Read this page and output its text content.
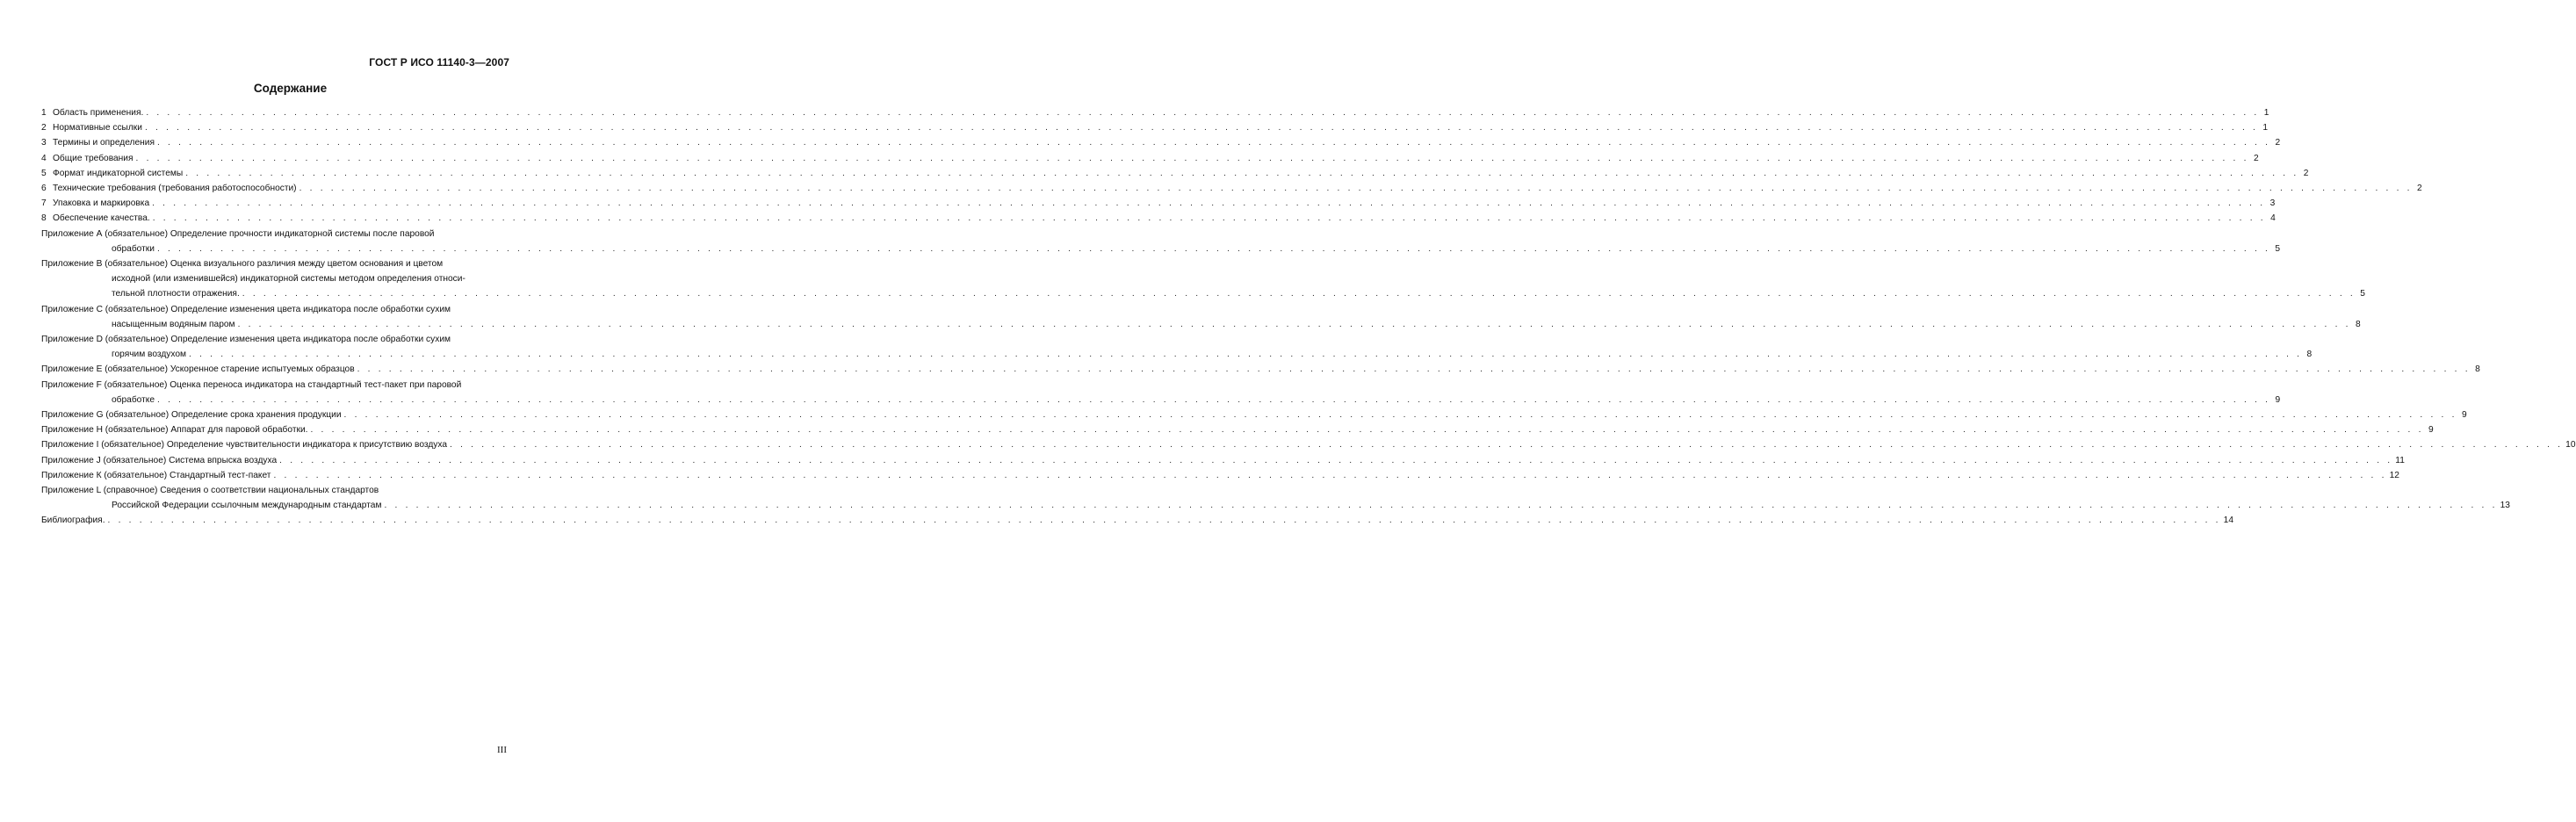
ГОСТ Р ИСО 11140-3—2007
Содержание
1 Область применения. . . . . . . . . . . . . . . . . . . . . . . . . . . . . . . . . . . . . . . . . . . . . . . . . . . . . . . . . . . . . . . . . . . . . . . . . . . . . . . . . . . . . . . . . . . . . . . . . . . . . . . . . . . . . . . . . . . . . . . . . . . . . . . . . . . . . . . . . . . . . . . . . . . . . . . . . . . . . . . . . . . . . . . . . . . . . . . . . . . . . . . . . . . . . . . . . . . . . . . . . 1
2 Нормативные ссылки . . . . . . . . . . . . . . . . . . . . . . . . . . . . . . . . . . . . . . . . . . . . . . . . . . . . . . . . . . . . . . . . . . . . . . . . . . . . . . . . . . . . . . . . . . . . . . . . . . . . . . . . . . . . . . . . . . . . . . . . . . . . . . . . . . . . . . . . . . . . . . . . . . . . . . . . . . . . . . . . . . . . . . . . . . . . . . . . . . . . . . . . . . . . . . . . . . . . . . . . 1
3 Термины и определения . . . . . . . . . . . . . . . . . . . . . . . . . . . . . . . . . . . . . . . . . . . . . . . . . . . . . . . . . . . . . . . . . . . . . . . . . . . . . . . . . . . . . . . . . . . . . . . . . . . . . . . . . . . . . . . . . . . . . . . . . . . . . . . . . . . . . . . . . . . . . . . . . . . . . . . . . . . . . . . . . . . . . . . . . . . . . . . . . . . . . . . . . . . . . . . . . . . . . . . . 2
4 Общие требования . . . . . . . . . . . . . . . . . . . . . . . . . . . . . . . . . . . . . . . . . . . . . . . . . . . . . . . . . . . . . . . . . . . . . . . . . . . . . . . . . . . . . . . . . . . . . . . . . . . . . . . . . . . . . . . . . . . . . . . . . . . . . . . . . . . . . . . . . . . . . . . . . . . . . . . . . . . . . . . . . . . . . . . . . . . . . . . . . . . . . . . . . . . . . . . . . . . . . . . . 2
5 Формат индикаторной системы . . . . . . . . . . . . . . . . . . . . . . . . . . . . . . . . . . . . . . . . . . . . . . . . . . . . . . . . . . . . . . . . . . . . . . . . . . . . . . . . . . . . . . . . . . . . . . . . . . . . . . . . . . . . . . . . . . . . . . . . . . . . . . . . . . . . . . . . . . . . . . . . . . . . . . . . . . . . . . . . . . . . . . . . . . . . . . . . . . . . . . . . . . . . . . . . . . . . . . . . 2
6 Технические требования (требования работоспособности) . . . . . . . . . . . . . . . . . . . . . . . . . . . . . . . . . . . . . . . . . . . . . . . . . . . . . . . . . . . . . . . . . . . . . . . . . . . . . . . . . . . . . . . . . . . . . . . . . . . . . . . . . . . . . . . . . . . . . . . . . . . . . . . . . . . . . . . . . . . . . . . . . . . . . . . . . . . . . . . . . . . . . . . . . . . . . . . . . . . . . . . . . . . . . . . . . . . . . . . . 2
7 Упаковка и маркировка . . . . . . . . . . . . . . . . . . . . . . . . . . . . . . . . . . . . . . . . . . . . . . . . . . . . . . . . . . . . . . . . . . . . . . . . . . . . . . . . . . . . . . . . . . . . . . . . . . . . . . . . . . . . . . . . . . . . . . . . . . . . . . . . . . . . . . . . . . . . . . . . . . . . . . . . . . . . . . . . . . . . . . . . . . . . . . . . . . . . . . . . . . . . . . . . . . . . . . . . 3
8 Обеспечение качества. . . . . . . . . . . . . . . . . . . . . . . . . . . . . . . . . . . . . . . . . . . . . . . . . . . . . . . . . . . . . . . . . . . . . . . . . . . . . . . . . . . . . . . . . . . . . . . . . . . . . . . . . . . . . . . . . . . . . . . . . . . . . . . . . . . . . . . . . . . . . . . . . . . . . . . . . . . . . . . . . . . . . . . . . . . . . . . . . . . . . . . . . . . . . . . . . . . . . . . . . 4
Приложение А (обязательное) Определение прочности индикаторной системы после паровой
обработки . . . . . . . . . . . . . . . . . . . . . . . . . . . . . . . . . . . . . . . . . . . . . . . . . . . . . . . . . . . . . . . . . . . . . . . . . . . . . . . . . . . . . . . . . . . . . . . . . . . . . . . . . . . . . . . . . . . . . . . . . . . . . . . . . . . . . . . . . . . . . . . . . . . . . . . . . . . . . . . . . . . . . . . . . . . . . . . . . . . . . . . . . . . . . . . . . . . . . . . . 5
Приложение В (обязательное) Оценка визуального различия между цветом основания и цветом
исходной (или изменившейся) индикаторной системы методом определения относи-
тельной плотности отражения. . . . . . . . . . . . . . . . . . . . . . . . . . . . . . . . . . . . . . . . . . . . . . . . . . . . . . . . . . . . . . . . . . . . . . . . . . . . . . . . . . . . . . . . . . . . . . . . . . . . . . . . . . . . . . . . . . . . . . . . . . . . . . . . . . . . . . . . . . . . . . . . . . . . . . . . . . . . . . . . . . . . . . . . . . . . . . . . . . . . . . . . . . . . . . . . . . . . . . . . . 5
Приложение С (обязательное) Определение изменения цвета индикатора после обработки сухим
насыщенным водяным паром . . . . . . . . . . . . . . . . . . . . . . . . . . . . . . . . . . . . . . . . . . . . . . . . . . . . . . . . . . . . . . . . . . . . . . . . . . . . . . . . . . . . . . . . . . . . . . . . . . . . . . . . . . . . . . . . . . . . . . . . . . . . . . . . . . . . . . . . . . . . . . . . . . . . . . . . . . . . . . . . . . . . . . . . . . . . . . . . . . . . . . . . . . . . . . . . . . . . . . . . 8
Приложение D (обязательное) Определение изменения цвета индикатора после обработки сухим
горячим воздухом . . . . . . . . . . . . . . . . . . . . . . . . . . . . . . . . . . . . . . . . . . . . . . . . . . . . . . . . . . . . . . . . . . . . . . . . . . . . . . . . . . . . . . . . . . . . . . . . . . . . . . . . . . . . . . . . . . . . . . . . . . . . . . . . . . . . . . . . . . . . . . . . . . . . . . . . . . . . . . . . . . . . . . . . . . . . . . . . . . . . . . . . . . . . . . . . . . . . . . . . 8
Приложение Е (обязательное) Ускоренное старение испытуемых образцов . . . . . . . . . . . . . . . . . . . . . . . . . . . . . . . . . . . . . . . . . . . . . . . . . . . . . . . . . . . . . . . . . . . . . . . . . . . . . . . . . . . . . . . . . . . . . . . . . . . . . . . . . . . . . . . . . . . . . . . . . . . . . . . . . . . . . . . . . . . . . . . . . . . . . . . . . . . . . . . . . . . . . . . . . . . . . . . . . . . . . . . . . . . . . . . . . . . . . . . . 8
Приложение F (обязательное) Оценка переноса индикатора на стандартный тест-пакет при паровой
обработке . . . . . . . . . . . . . . . . . . . . . . . . . . . . . . . . . . . . . . . . . . . . . . . . . . . . . . . . . . . . . . . . . . . . . . . . . . . . . . . . . . . . . . . . . . . . . . . . . . . . . . . . . . . . . . . . . . . . . . . . . . . . . . . . . . . . . . . . . . . . . . . . . . . . . . . . . . . . . . . . . . . . . . . . . . . . . . . . . . . . . . . . . . . . . . . . . . . . . . . . 9
Приложение G (обязательное) Определение срока хранения продукции . . . . . . . . . . . . . . . . . . . . . . . . . . . . . . . . . . . . . . . . . . . . . . . . . . . . . . . . . . . . . . . . . . . . . . . . . . . . . . . . . . . . . . . . . . . . . . . . . . . . . . . . . . . . . . . . . . . . . . . . . . . . . . . . . . . . . . . . . . . . . . . . . . . . . . . . . . . . . . . . . . . . . . . . . . . . . . . . . . . . . . . . . . . . . . . . . . . . . . . . 9
Приложение Н (обязательное) Аппарат для паровой обработки. . . . . . . . . . . . . . . . . . . . . . . . . . . . . . . . . . . . . . . . . . . . . . . . . . . . . . . . . . . . . . . . . . . . . . . . . . . . . . . . . . . . . . . . . . . . . . . . . . . . . . . . . . . . . . . . . . . . . . . . . . . . . . . . . . . . . . . . . . . . . . . . . . . . . . . . . . . . . . . . . . . . . . . . . . . . . . . . . . . . . . . . . . . . . . . . . . . . . . . . . 9
Приложение I (обязательное) Определение чувствительности индикатора к присутствию воздуха . . . . . . . . . . . . . . . . . . . . . . . . . . . . . . . . . . . . . . . . . . . . . . . . . . . . . . . . . . . . . . . . . . . . . . . . . . . . . . . . . . . . . . . . . . . . . . . . . . . . . . . . . . . . . . . . . . . . . . . . . . . . . . . . . . . . . . . . . . . . . . . . . . . . . . . . . . . . . . . . . . . . . . . . . . . . . . . . . . . . . . . . . . . . . . . . . . . . . . . . 10
Приложение J (обязательное) Система впрыска воздуха . . . . . . . . . . . . . . . . . . . . . . . . . . . . . . . . . . . . . . . . . . . . . . . . . . . . . . . . . . . . . . . . . . . . . . . . . . . . . . . . . . . . . . . . . . . . . . . . . . . . . . . . . . . . . . . . . . . . . . . . . . . . . . . . . . . . . . . . . . . . . . . . . . . . . . . . . . . . . . . . . . . . . . . . . . . . . . . . . . . . . . . . . . . . . . . . . . . . . . . . 11
Приложение К (обязательное) Стандартный тест-пакет . . . . . . . . . . . . . . . . . . . . . . . . . . . . . . . . . . . . . . . . . . . . . . . . . . . . . . . . . . . . . . . . . . . . . . . . . . . . . . . . . . . . . . . . . . . . . . . . . . . . . . . . . . . . . . . . . . . . . . . . . . . . . . . . . . . . . . . . . . . . . . . . . . . . . . . . . . . . . . . . . . . . . . . . . . . . . . . . . . . . . . . . . . . . . . . . . . . . . . . . 12
Приложение L (справочное) Сведения о соответствии национальных стандартов
Российской Федерации ссылочным международным стандартам . . . . . . . . . . . . . . . . . . . . . . . . . . . . . . . . . . . . . . . . . . . . . . . . . . . . . . . . . . . . . . . . . . . . . . . . . . . . . . . . . . . . . . . . . . . . . . . . . . . . . . . . . . . . . . . . . . . . . . . . . . . . . . . . . . . . . . . . . . . . . . . . . . . . . . . . . . . . . . . . . . . . . . . . . . . . . . . . . . . . . . . . . . . . . . . . . . . . . . . . 13
Библиография. . . . . . . . . . . . . . . . . . . . . . . . . . . . . . . . . . . . . . . . . . . . . . . . . . . . . . . . . . . . . . . . . . . . . . . . . . . . . . . . . . . . . . . . . . . . . . . . . . . . . . . . . . . . . . . . . . . . . . . . . . . . . . . . . . . . . . . . . . . . . . . . . . . . . . . . . . . . . . . . . . . . . . . . . . . . . . . . . . . . . . . . . . . . . . . . . . . . . . . . . 14
III
